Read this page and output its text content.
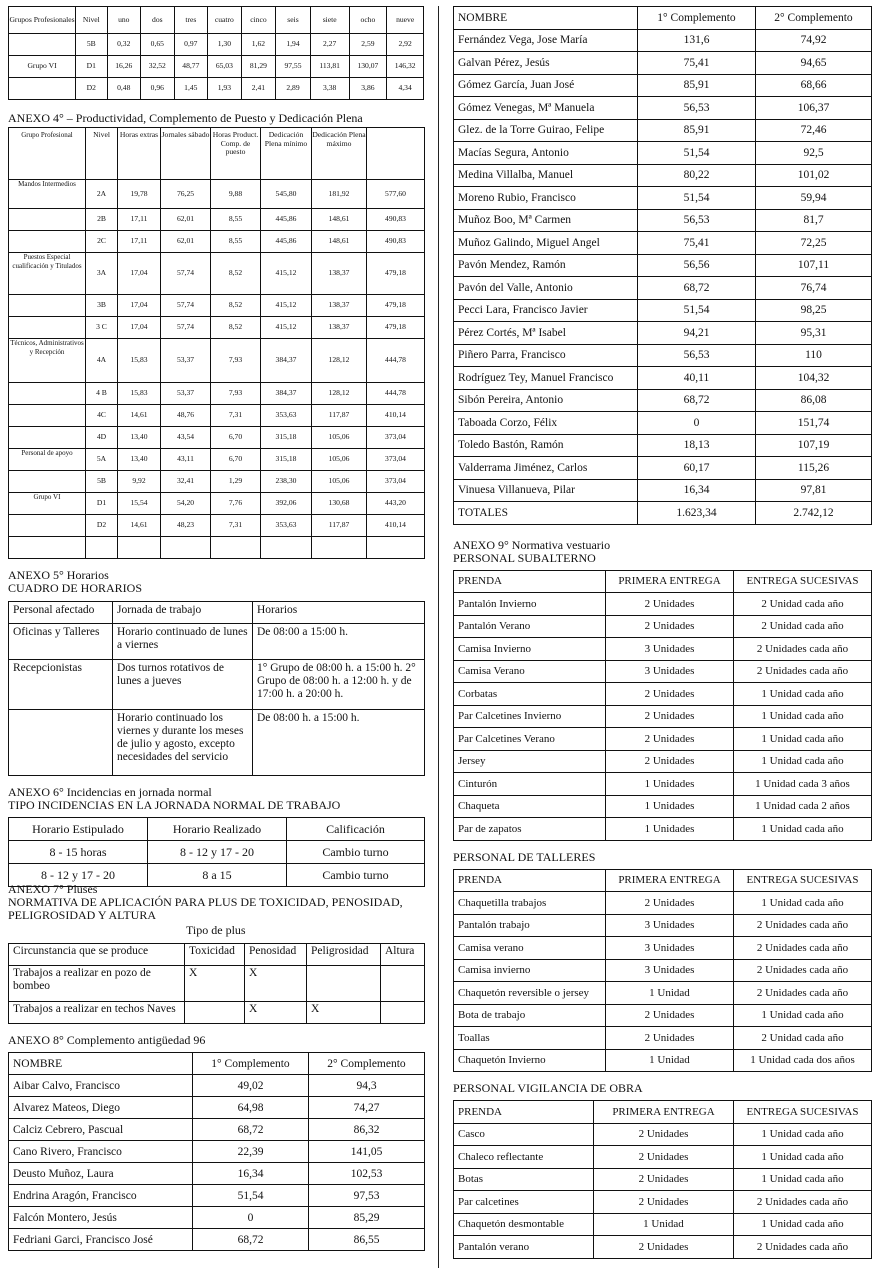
Grupos Profesionales	Nivel	uno	dos	tres	cuatro	cinco	seis	siete	ocho	nueve
	5B	0,32	0,65	0,97	1,30	1,62	1,94	2,27	2,59	2,92
Grupo VI	D1	16,26	32,52	48,77	65,03	81,29	97,55	113,81	130,07	146,32
	D2	0,48	0,96	1,45	1,93	2,41	2,89	3,38	3,86	4,34
ANEXO 4° – Productividad, Complemento de Puesto y Dedicación Plena
Grupo Profesional	Nivel	Horas extras	Jornales sábado	Horas Product. Comp. de puesto	Dedicación Plena mínimo	Dedicación Plena máximo	
Mandos Intermedios	2A	19,78	76,25	9,88	545,80	181,92	577,60
	2B	17,11	62,01	8,55	445,86	148,61	490,83
	2C	17,11	62,01	8,55	445,86	148,61	490,83
Puestos Especial cualificación y Titulados	3A	17,04	57,74	8,52	415,12	138,37	479,18
	3B	17,04	57,74	8,52	415,12	138,37	479,18
	3 C	17,04	57,74	8,52	415,12	138,37	479,18
Técnicos, Administrativos y Recepción	4A	15,83	53,37	7,93	384,37	128,12	444,78
	4 B	15,83	53,37	7,93	384,37	128,12	444,78
	4C	14,61	48,76	7,31	353,63	117,87	410,14
	4D	13,40	43,54	6,70	315,18	105,06	373,04
Personal de apoyo	5A	13,40	43,11	6,70	315,18	105,06	373,04
	5B	9,92	32,41	1,29	238,30	105,06	373,04
Grupo VI	D1	15,54	54,20	7,76	392,06	130,68	443,20
	D2	14,61	48,23	7,31	353,63	117,87	410,14

ANEXO 5° Horarios
CUADRO DE HORARIOS
Personal afectado	Jornada de trabajo	Horarios
Oficinas y Talleres	Horario continuado de lunes a viernes	De 08:00 a 15:00 h.
Recepcionistas	Dos turnos rotativos de lunes a jueves	1° Grupo de 08:00 h. a 15:00 h. 2° Grupo de 08:00 h. a 12:00 h. y de 17:00 h. a 20:00 h.
	Horario continuado los viernes y durante los meses de julio y agosto, excepto necesidades del servicio	De 08:00 h. a 15:00 h.
ANEXO 6° Incidencias en jornada normal
TIPO INCIDENCIAS EN LA JORNADA NORMAL DE TRABAJO
Horario Estipulado	Horario Realizado	Calificación
8 - 15 horas	8 - 12 y 17 - 20	Cambio turno
8 - 12 y 17 - 20	8 a 15	Cambio turno
ANEXO 7° Pluses
NORMATIVA DE APLICACIÓN PARA PLUS DE TOXICIDAD, PENOSIDAD, PELIGROSIDAD Y ALTURA
Tipo de plus
Circunstancia que se produce	Toxicidad	Penosidad	Peligrosidad	Altura
Trabajos a realizar en pozo de bombeo	X	X		
Trabajos a realizar en techos Naves		X	X	
ANEXO 8° Complemento antigüedad 96
NOMBRE	1° Complemento	2° Complemento
Aibar Calvo, Francisco	49,02	94,3
Alvarez Mateos, Diego	64,98	74,27
Calciz Cebrero, Pascual	68,72	86,32
Cano Rivero, Francisco	22,39	141,05
Deusto Muñoz, Laura	16,34	102,53
Endrina Aragón, Francisco	51,54	97,53
Falcón Montero, Jesús	0	85,29
Fedriani Garci, Francisco José	68,72	86,55
NOMBRE	1° Complemento	2° Complemento
Fernández Vega, Jose María	131,6	74,92
Galvan Pérez, Jesús	75,41	94,65
Gómez García, Juan José	85,91	68,66
Gómez Venegas, Mª Manuela	56,53	106,37
Glez. de la Torre Guirao, Felipe	85,91	72,46
Macías Segura, Antonio	51,54	92,5
Medina Villalba, Manuel	80,22	101,02
Moreno Rubio, Francisco	51,54	59,94
Muñoz Boo, Mª Carmen	56,53	81,7
Muñoz Galindo, Miguel Angel	75,41	72,25
Pavón Mendez, Ramón	56,56	107,11
Pavón del Valle, Antonio	68,72	76,74
Pecci Lara, Francisco Javier	51,54	98,25
Pérez Cortés, Mª Isabel	94,21	95,31
Piñero Parra, Francisco	56,53	110
Rodríguez Tey, Manuel Francisco	40,11	104,32
Sibón Pereira, Antonio	68,72	86,08
Taboada Corzo, Félix	0	151,74
Toledo Bastón, Ramón	18,13	107,19
Valderrama Jiménez, Carlos	60,17	115,26
Vinuesa Villanueva, Pilar	16,34	97,81
TOTALES	1.623,34	2.742,12
ANEXO 9° Normativa vestuario
PERSONAL SUBALTERNO
PRENDA	PRIMERA ENTREGA	ENTREGA SUCESIVAS
Pantalón Invierno	2 Unidades	2 Unidad cada año
Pantalón Verano	2 Unidades	2 Unidad cada año
Camisa Invierno	3 Unidades	2 Unidades cada año
Camisa Verano	3 Unidades	2 Unidades cada año
Corbatas	2 Unidades	1 Unidad cada año
Par Calcetines Invierno	2 Unidades	1 Unidad cada año
Par Calcetines Verano	2 Unidades	1 Unidad cada año
Jersey	2 Unidades	1 Unidad cada año
Cinturón	1 Unidades	1 Unidad cada 3 años
Chaqueta	1 Unidades	1 Unidad cada 2 años
Par de zapatos	1 Unidades	1 Unidad cada año
PERSONAL DE TALLERES
PRENDA	PRIMERA ENTREGA	ENTREGA SUCESIVAS
Chaquetilla trabajos	2 Unidades	1 Unidad cada año
Pantalón trabajo	3 Unidades	2 Unidades cada año
Camisa verano	3 Unidades	2 Unidades cada año
Camisa invierno	3 Unidades	2 Unidades cada año
Chaquetón reversible o jersey	1 Unidad	2 Unidades cada año
Bota de trabajo	2 Unidades	1 Unidad cada año
Toallas	2 Unidades	2 Unidad cada año
Chaquetón Invierno	1 Unidad	1 Unidad cada dos años
PERSONAL VIGILANCIA DE OBRA
PRENDA	PRIMERA ENTREGA	ENTREGA SUCESIVAS
Casco	2 Unidades	1 Unidad cada año
Chaleco reflectante	2 Unidades	1 Unidad cada año
Botas	2 Unidades	1 Unidad cada año
Par calcetines	2 Unidades	2 Unidades cada año
Chaquetón desmontable	1 Unidad	1 Unidad cada año
Pantalón verano	2 Unidades	2 Unidades cada año
